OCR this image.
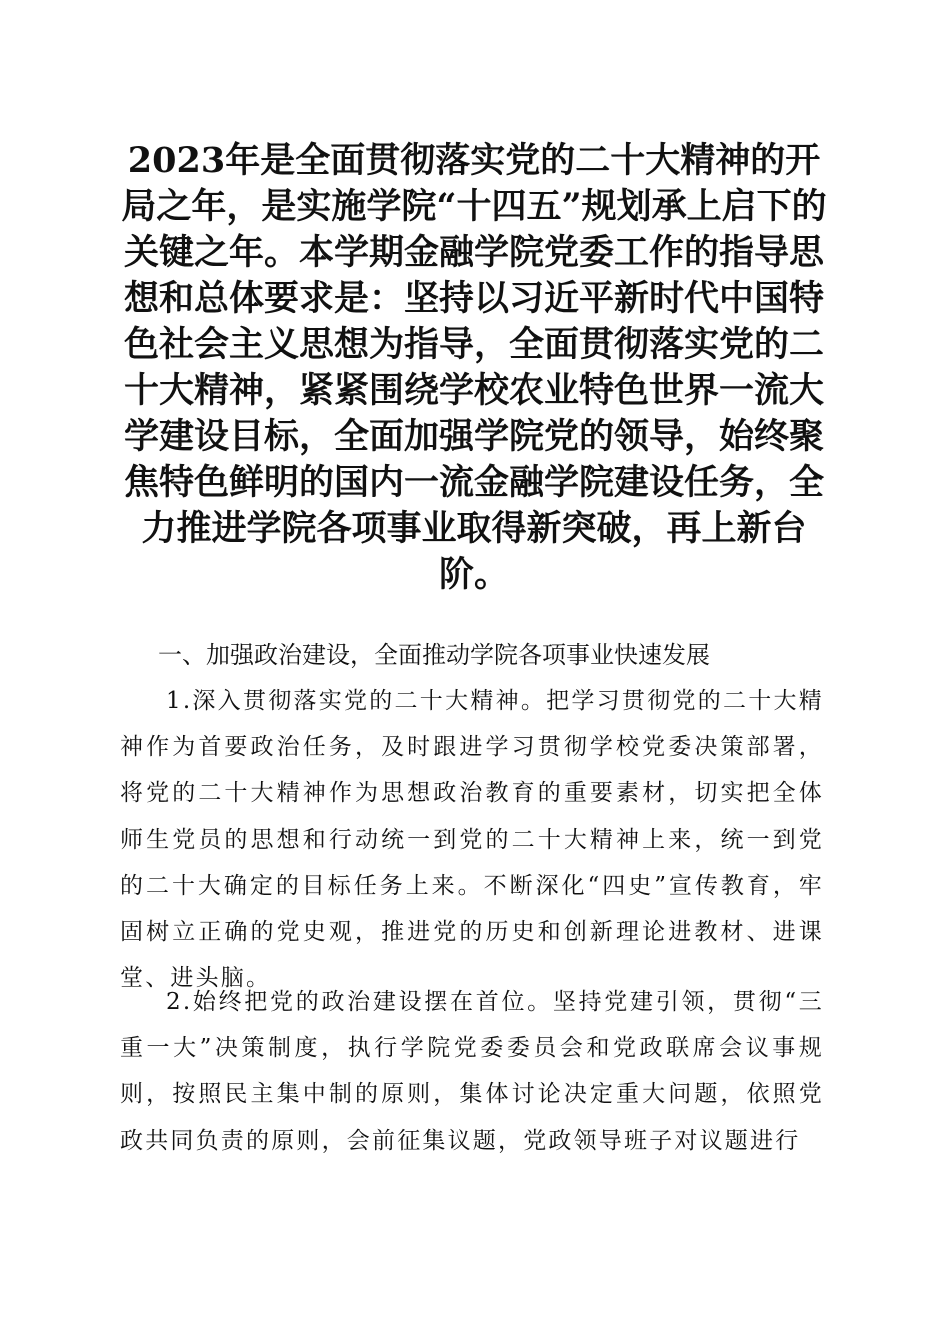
2023年是全面贯彻落实党的二十大精神的开局之年，是实施学院“十四五”规划承上启下的关键之年。本学期金融学院党委工作的指导思想和总体要求是：坚持以习近平新时代中国特色社会主义思想为指导，全面贯彻落实党的二十大精神，紧紧围绕学校农业特色世界一流大学建设目标，全面加强学院党的领导，始终聚焦特色鲜明的国内一流金融学院建设任务，全力推进学院各项事业取得新突破，再上新台阶。
一、加强政治建设，全面推动学院各项事业快速发展

1.深入贯彻落实党的二十大精神。把学习贯彻党的二十大精神作为首要政治任务，及时跟进学习贯彻学校党委决策部署，将党的二十大精神作为思想政治教育的重要素材，切实把全体师生党员的思想和行动统一到党的二十大精神上来，统一到党的二十大确定的目标任务上来。不断深化“四史”宣传教育，牢固树立正确的党史观，推进党的历史和创新理论进教材、进课堂、进头脑。

2.始终把党的政治建设摆在首位。坚持党建引领，贯彻“三重一大”决策制度，执行学院党委委员会和党政联席会议事规则，按照民主集中制的原则，集体讨论决定重大问题，依照党政共同负责的原则，会前征集议题，党政领导班子对议题进行
